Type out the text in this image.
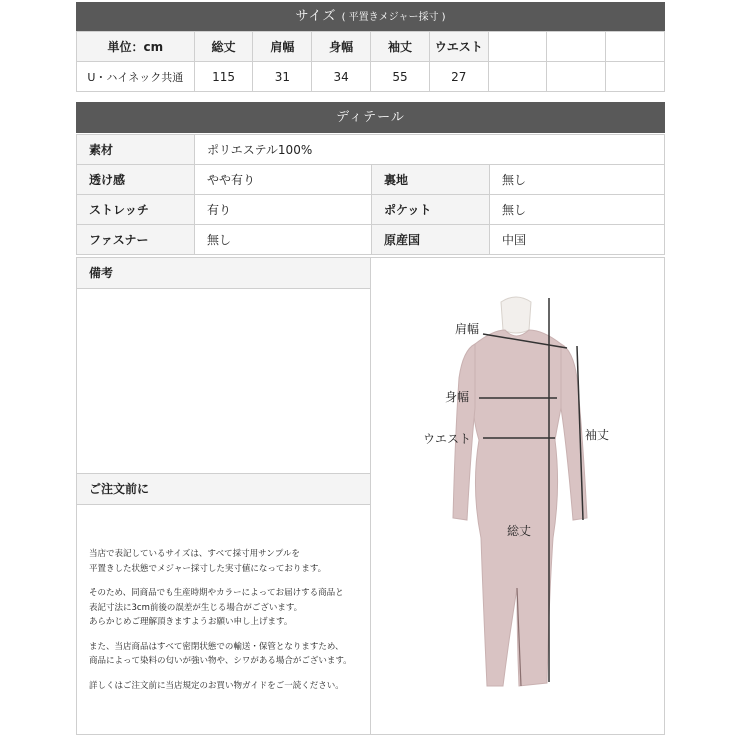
サイズ ( 平置きメジャー採寸 )
単位：cm	総丈	肩幅	身幅	袖丈	ウエスト			
U・ハイネック共通	115	31	34	55	27			
ディテール
素材	ポリエステル100%		
透け感	やや有り	裏地	無し
ストレッチ	有り	ポケット	無し
ファスナー	無し	原産国	中国
備考
ご注文前に

当店で表記しているサイズは、すべて採寸用サンプルを
平置きした状態でメジャー採寸した実寸値になっております。

そのため、同商品でも生産時期やカラーによってお届けする商品と
表記寸法に3cm前後の誤差が生じる場合がございます。
あらかじめご理解頂きますようお願い申し上げます。

また、当店商品はすべて密閉状態での輸送・保管となりますため、
商品によって染料の匂いが強い物や、シワがある場合がございます。

詳しくはご注文前に当店規定のお買い物ガイドをご一読ください。

肩幅
身幅
ウエスト	袖丈
総丈
